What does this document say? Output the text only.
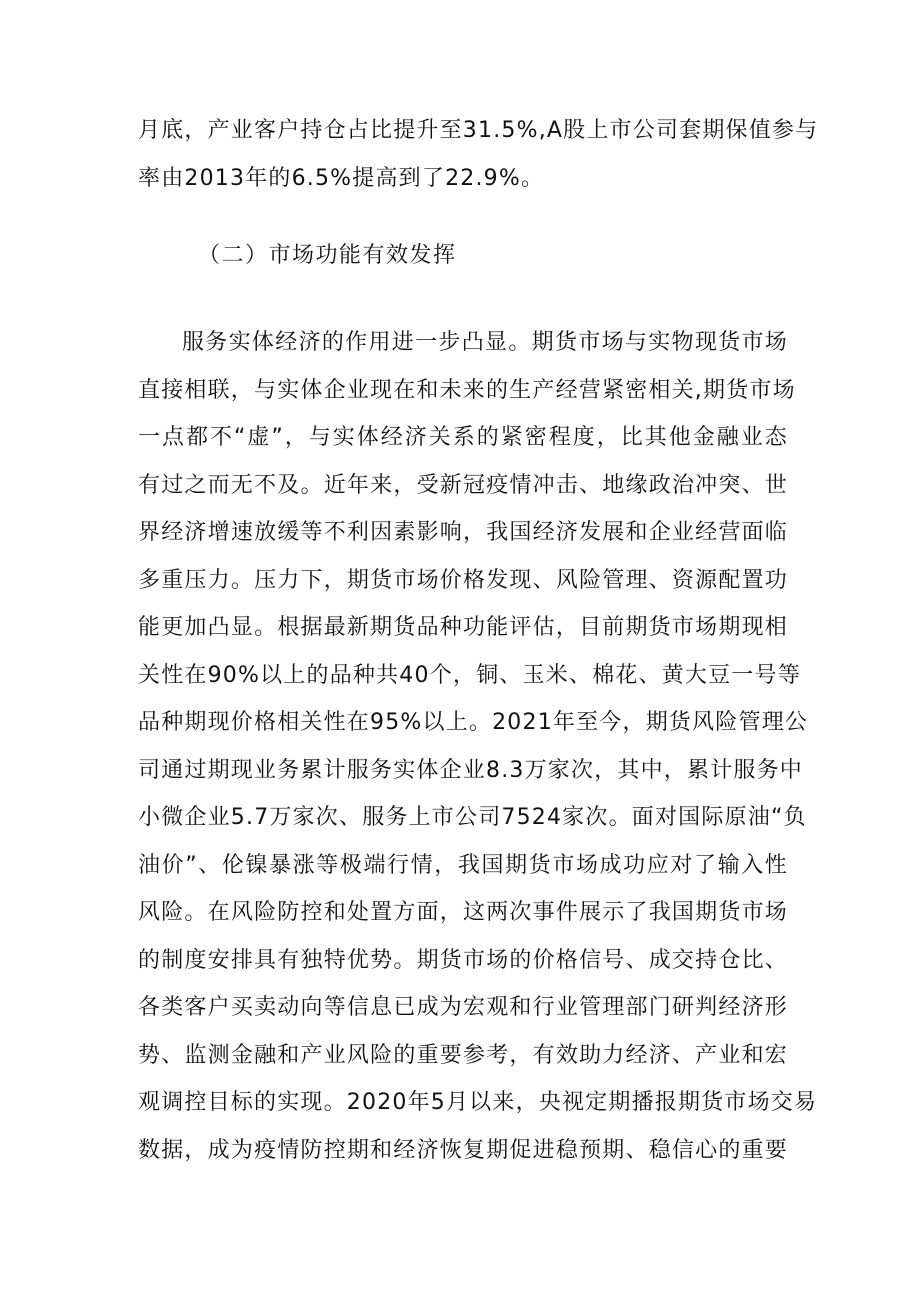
月底，产业客户持仓占比提升至31.5%,A股上市公司套期保值参与
率由2013年的6.5%提高到了22.9%。
（二）市场功能有效发挥
服务实体经济的作用进一步凸显。期货市场与实物现货市场
直接相联，与实体企业现在和未来的生产经营紧密相关,期货市场
一点都不“虚”，与实体经济关系的紧密程度，比其他金融业态
有过之而无不及。近年来，受新冠疫情冲击、地缘政治冲突、世
界经济增速放缓等不利因素影响，我国经济发展和企业经营面临
多重压力。压力下，期货市场价格发现、风险管理、资源配置功
能更加凸显。根据最新期货品种功能评估，目前期货市场期现相
关性在90%以上的品种共40个，铜、玉米、棉花、黄大豆一号等
品种期现价格相关性在95%以上。2021年至今，期货风险管理公
司通过期现业务累计服务实体企业8.3万家次，其中，累计服务中
小微企业5.7万家次、服务上市公司7524家次。面对国际原油“负
油价”、伦镍暴涨等极端行情，我国期货市场成功应对了输入性
风险。在风险防控和处置方面，这两次事件展示了我国期货市场
的制度安排具有独特优势。期货市场的价格信号、成交持仓比、
各类客户买卖动向等信息已成为宏观和行业管理部门研判经济形
势、监测金融和产业风险的重要参考，有效助力经济、产业和宏
观调控目标的实现。2020年5月以来，央视定期播报期货市场交易
数据，成为疫情防控期和经济恢复期促进稳预期、稳信心的重要
